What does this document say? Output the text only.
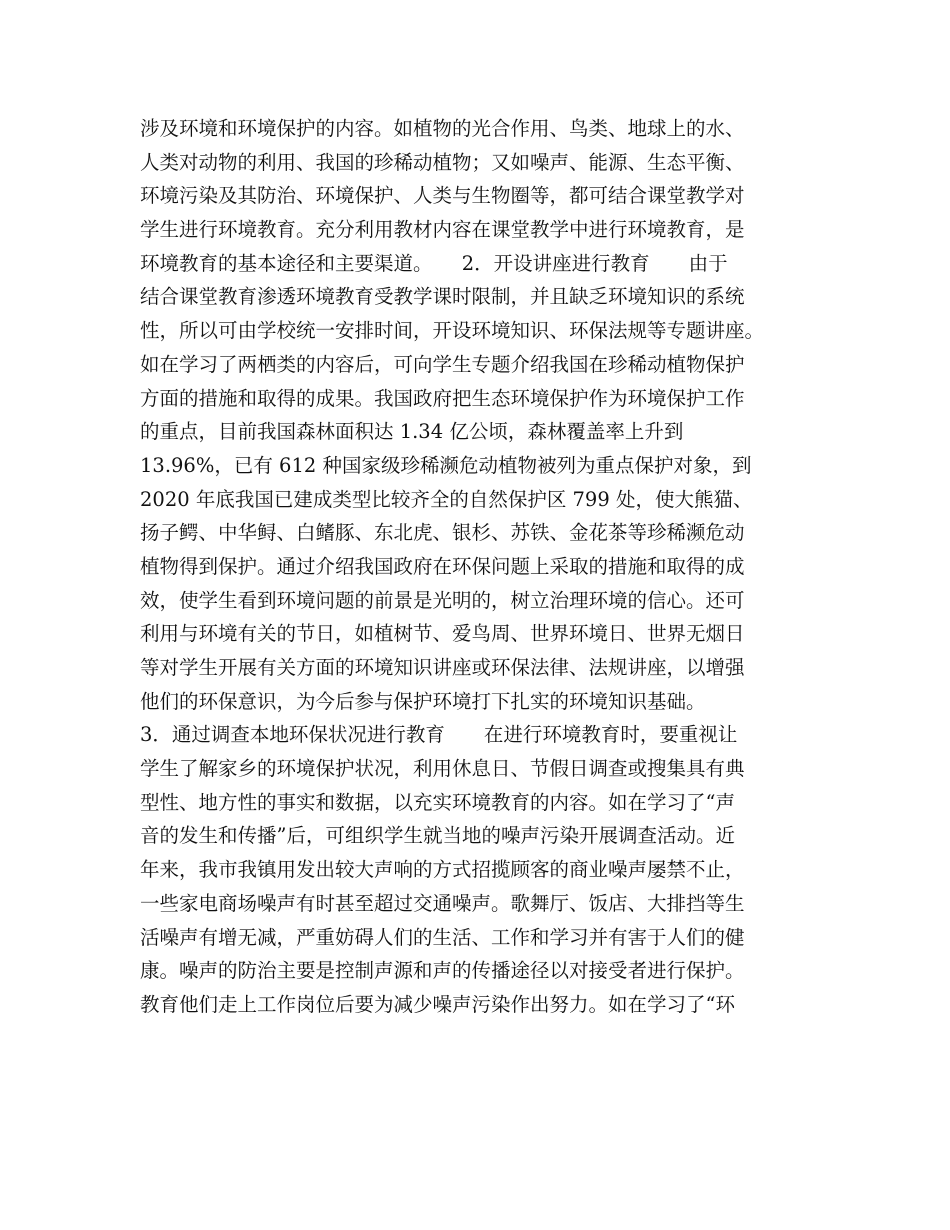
涉及环境和环境保护的内容。如植物的光合作用、鸟类、地球上的水、
人类对动物的利用、我国的珍稀动植物；又如噪声、能源、生态平衡、
环境污染及其防治、环境保护、人类与生物圈等，都可结合课堂教学对
学生进行环境教育。充分利用教材内容在课堂教学中进行环境教育，是
环境教育的基本途径和主要渠道。　　2．开设讲座进行教育　　由于
结合课堂教育渗透环境教育受教学课时限制，并且缺乏环境知识的系统
性，所以可由学校统一安排时间，开设环境知识、环保法规等专题讲座。
如在学习了两栖类的内容后，可向学生专题介绍我国在珍稀动植物保护
方面的措施和取得的成果。我国政府把生态环境保护作为环境保护工作
的重点，目前我国森林面积达 1.34 亿公顷，森林覆盖率上升到
13.96%，已有 612 种国家级珍稀濒危动植物被列为重点保护对象，到
2020 年底我国已建成类型比较齐全的自然保护区 799 处，使大熊猫、
扬子鳄、中华鲟、白鳍豚、东北虎、银杉、苏铁、金花茶等珍稀濒危动
植物得到保护。通过介绍我国政府在环保问题上采取的措施和取得的成
效，使学生看到环境问题的前景是光明的，树立治理环境的信心。还可
利用与环境有关的节日，如植树节、爱鸟周、世界环境日、世界无烟日
等对学生开展有关方面的环境知识讲座或环保法律、法规讲座，以增强
他们的环保意识，为今后参与保护环境打下扎实的环境知识基础。
3．通过调查本地环保状况进行教育　　在进行环境教育时，要重视让
学生了解家乡的环境保护状况，利用休息日、节假日调查或搜集具有典
型性、地方性的事实和数据，以充实环境教育的内容。如在学习了“声
音的发生和传播”后，可组织学生就当地的噪声污染开展调查活动。近
年来，我市我镇用发出较大声响的方式招揽顾客的商业噪声屡禁不止，
一些家电商场噪声有时甚至超过交通噪声。歌舞厅、饭店、大排挡等生
活噪声有增无减，严重妨碍人们的生活、工作和学习并有害于人们的健
康。噪声的防治主要是控制声源和声的传播途径以对接受者进行保护。
教育他们走上工作岗位后要为减少噪声污染作出努力。如在学习了“环
